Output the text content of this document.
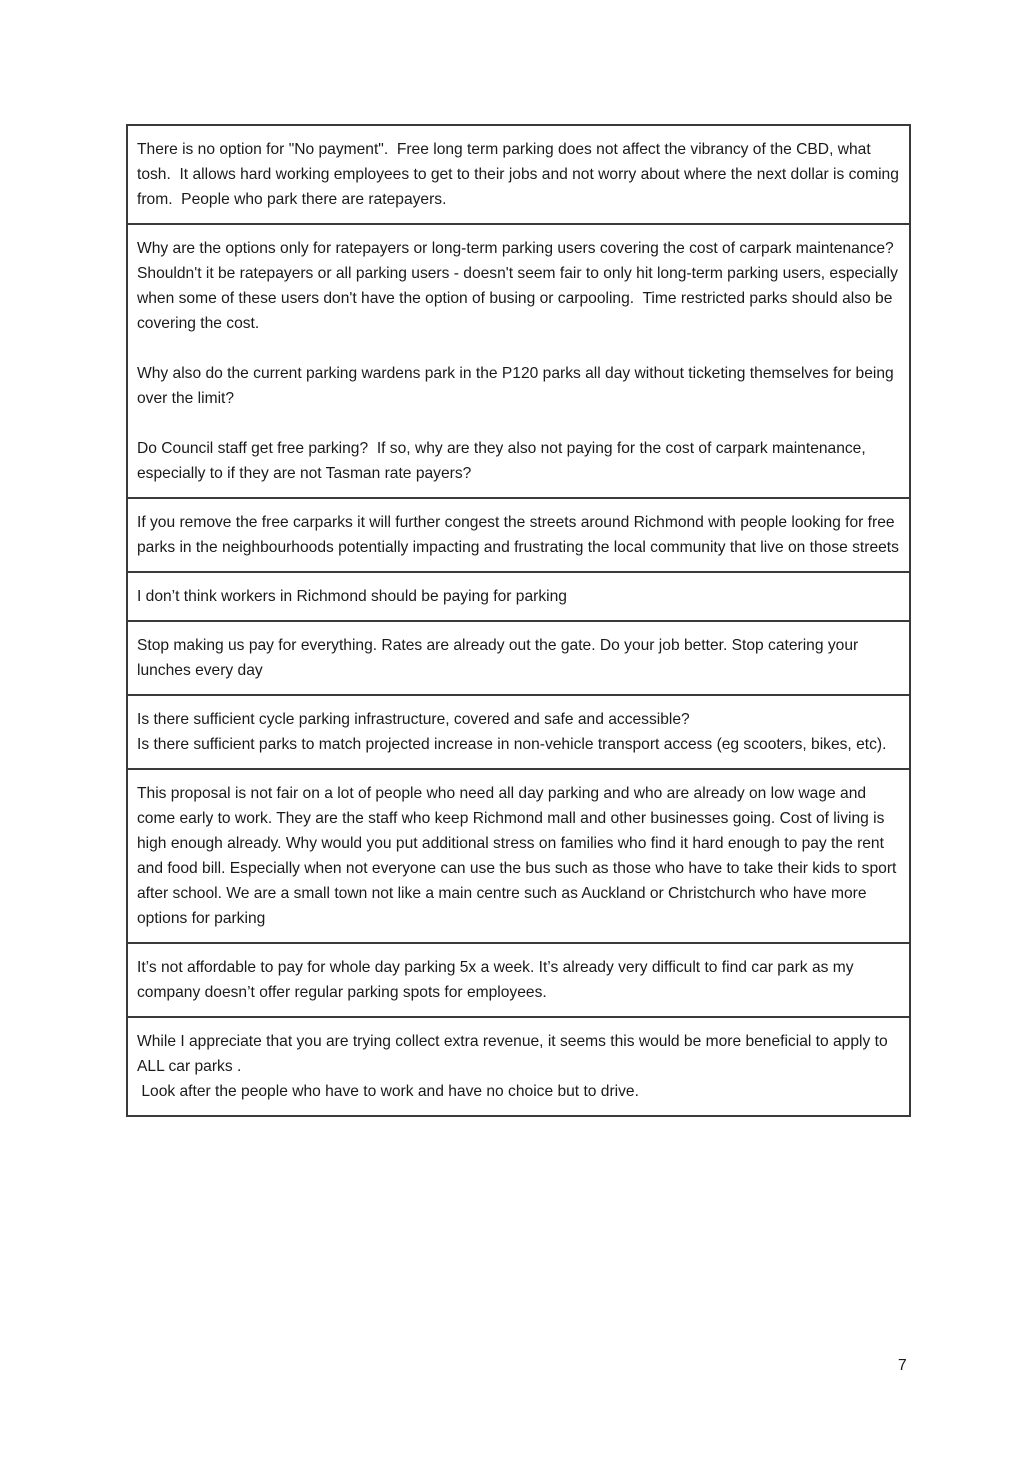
There is no option for "No payment".  Free long term parking does not affect the vibrancy of the CBD, what tosh.  It allows hard working employees to get to their jobs and not worry about where the next dollar is coming from.  People who park there are ratepayers.

Why are the options only for ratepayers or long-term parking users covering the cost of carpark maintenance?  Shouldn't it be ratepayers or all parking users - doesn't seem fair to only hit long-term parking users, especially when some of these users don't have the option of busing or carpooling.  Time restricted parks should also be covering the cost.

Why also do the current parking wardens park in the P120 parks all day without ticketing themselves for being over the limit?

Do Council staff get free parking?  If so, why are they also not paying for the cost of carpark maintenance, especially to if they are not Tasman rate payers?

If you remove the free carparks it will further congest the streets around Richmond with people looking for free parks in the neighbourhoods potentially impacting and frustrating the local community that live on those streets

I don’t think workers in Richmond should be paying for parking

Stop making us pay for everything. Rates are already out the gate. Do your job better. Stop catering your lunches every day

Is there sufficient cycle parking infrastructure, covered and safe and accessible?
Is there sufficient parks to match projected increase in non-vehicle transport access (eg scooters, bikes, etc).

This proposal is not fair on a lot of people who need all day parking and who are already on low wage and come early to work. They are the staff who keep Richmond mall and other businesses going. Cost of living is high enough already. Why would you put additional stress on families who find it hard enough to pay the rent and food bill. Especially when not everyone can use the bus such as those who have to take their kids to sport after school. We are a small town not like a main centre such as Auckland or Christchurch who have more options for parking

It’s not affordable to pay for whole day parking 5x a week. It’s already very difficult to find car park as my company doesn’t offer regular parking spots for employees.

While I appreciate that you are trying collect extra revenue, it seems this would be more beneficial to apply to ALL car parks .
Look after the people who have to work and have no choice but to drive.

7
